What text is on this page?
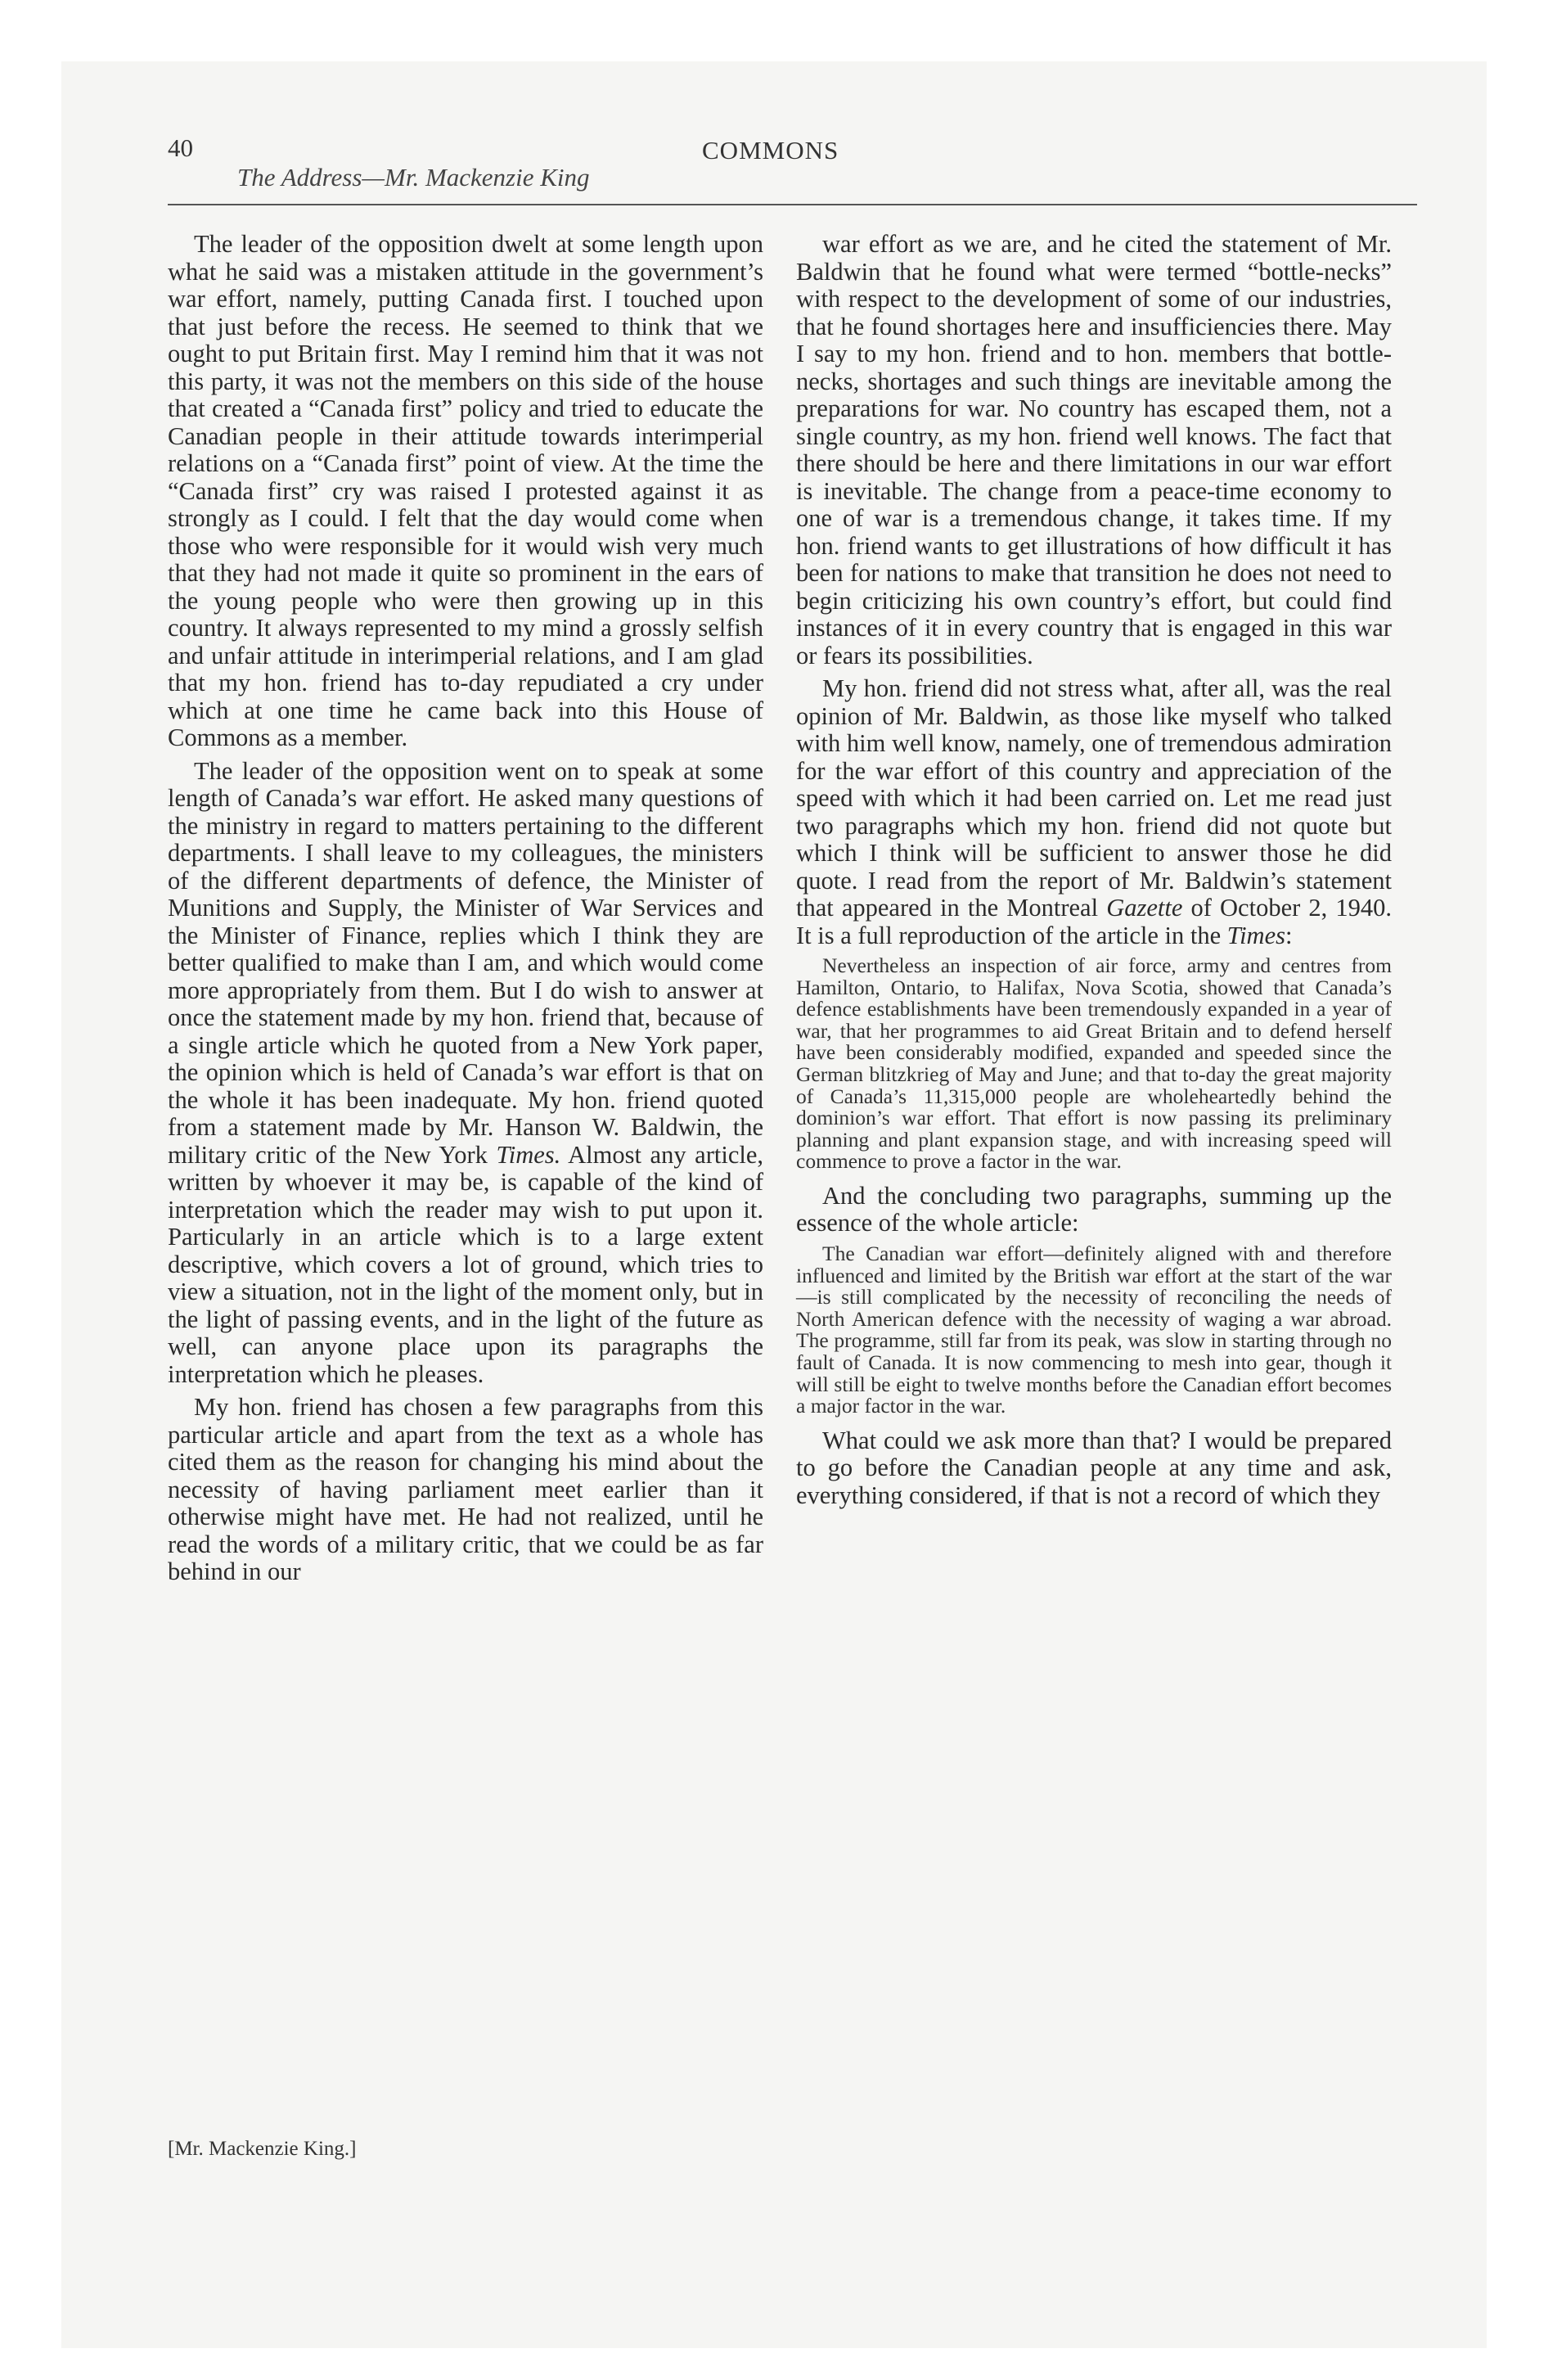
40	COMMONS
The Address—Mr. Mackenzie King

The leader of the opposition dwelt at some length upon what he said was a mistaken attitude in the government’s war effort, namely, putting Canada first. I touched upon that just before the recess. He seemed to think that we ought to put Britain first. May I remind him that it was not this party, it was not the members on this side of the house that created a “Canada first” policy and tried to educate the Canadian people in their attitude towards interimperial relations on a “Canada first” point of view. At the time the “Canada first” cry was raised I protested against it as strongly as I could. I felt that the day would come when those who were responsible for it would wish very much that they had not made it quite so prominent in the ears of the young people who were then growing up in this country. It always represented to my mind a grossly selfish and unfair attitude in interimperial relations, and I am glad that my hon. friend has to-day repudiated a cry under which at one time he came back into this House of Commons as a member.

The leader of the opposition went on to speak at some length of Canada’s war effort. He asked many questions of the ministry in regard to matters pertaining to the different departments. I shall leave to my colleagues, the ministers of the different departments of defence, the Minister of Munitions and Supply, the Minister of War Services and the Minister of Finance, replies which I think they are better qualified to make than I am, and which would come more appropriately from them. But I do wish to answer at once the statement made by my hon. friend that, because of a single article which he quoted from a New York paper, the opinion which is held of Canada’s war effort is that on the whole it has been inadequate. My hon. friend quoted from a statement made by Mr. Hanson W. Baldwin, the military critic of the New York Times. Almost any article, written by whoever it may be, is capable of the kind of interpretation which the reader may wish to put upon it. Particularly in an article which is to a large extent descriptive, which covers a lot of ground, which tries to view a situation, not in the light of the moment only, but in the light of passing events, and in the light of the future as well, can anyone place upon its paragraphs the interpretation which he pleases.

My hon. friend has chosen a few paragraphs from this particular article and apart from the text as a whole has cited them as the reason for changing his mind about the necessity of having parliament meet earlier than it otherwise might have met. He had not realized, until he read the words of a military critic, that we could be as far behind in our

[Mr. Mackenzie King.]

war effort as we are, and he cited the statement of Mr. Baldwin that he found what were termed “bottle-necks” with respect to the development of some of our industries, that he found shortages here and insufficiencies there. May I say to my hon. friend and to hon. members that bottle-necks, shortages and such things are inevitable among the preparations for war. No country has escaped them, not a single country, as my hon. friend well knows. The fact that there should be here and there limitations in our war effort is inevitable. The change from a peace-time economy to one of war is a tremendous change, it takes time. If my hon. friend wants to get illustrations of how difficult it has been for nations to make that transition he does not need to begin criticizing his own country’s effort, but could find instances of it in every country that is engaged in this war or fears its possibilities.

My hon. friend did not stress what, after all, was the real opinion of Mr. Baldwin, as those like myself who talked with him well know, namely, one of tremendous admiration for the war effort of this country and appreciation of the speed with which it had been carried on. Let me read just two paragraphs which my hon. friend did not quote but which I think will be sufficient to answer those he did quote. I read from the report of Mr. Baldwin’s statement that appeared in the Montreal Gazette of October 2, 1940. It is a full reproduction of the article in the Times:

Nevertheless an inspection of air force, army and centres from Hamilton, Ontario, to Halifax, Nova Scotia, showed that Canada’s defence establishments have been tremendously expanded in a year of war, that her programmes to aid Great Britain and to defend herself have been considerably modified, expanded and speeded since the German blitzkrieg of May and June; and that to-day the great majority of Canada’s 11,315,000 people are wholeheartedly behind the dominion’s war effort. That effort is now passing its preliminary planning and plant expansion stage, and with increasing speed will commence to prove a factor in the war.

And the concluding two paragraphs, summing up the essence of the whole article:

The Canadian war effort—definitely aligned with and therefore influenced and limited by the British war effort at the start of the war—is still complicated by the necessity of reconciling the needs of North American defence with the necessity of waging a war abroad. The programme, still far from its peak, was slow in starting through no fault of Canada. It is now commencing to mesh into gear, though it will still be eight to twelve months before the Canadian effort becomes a major factor in the war.

What could we ask more than that? I would be prepared to go before the Canadian people at any time and ask, everything considered, if that is not a record of which they
